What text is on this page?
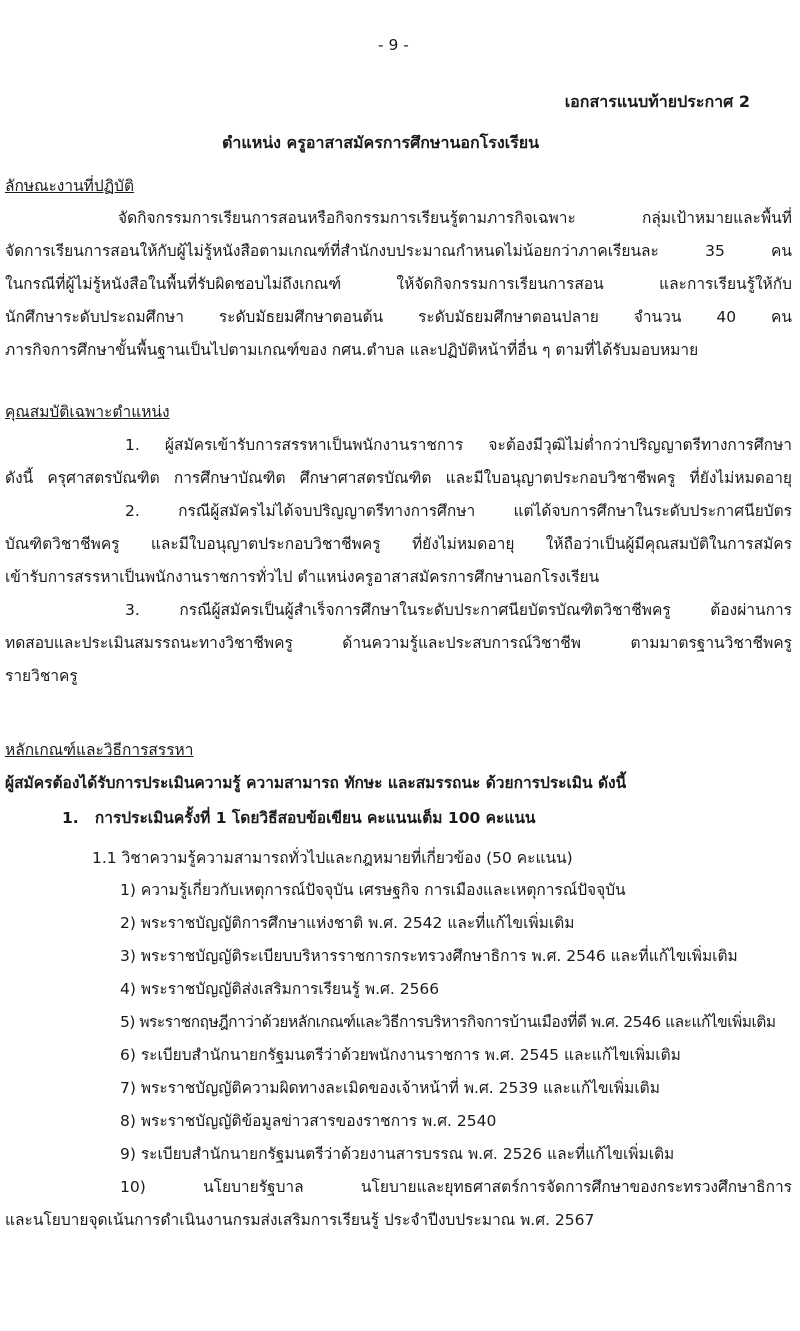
- 9 -
เอกสารแนบท้ายประกาศ 2
ตำแหน่ง ครูอาสาสมัครการศึกษานอกโรงเรียน
ลักษณะงานที่ปฏิบัติ
จัดกิจกรรมการเรียนการสอนหรือกิจกรรมการเรียนรู้ตามภารกิจเฉพาะ กลุ่มเป้าหมายและพื้นที่
จัดการเรียนการสอนให้กับผู้ไม่รู้หนังสือตามเกณฑ์ที่สำนักงบประมาณกำหนดไม่น้อยกว่าภาคเรียนละ 35 คน
ในกรณีที่ผู้ไม่รู้หนังสือในพื้นที่รับผิดชอบไม่ถึงเกณฑ์ ให้จัดกิจกรรมการเรียนการสอน และการเรียนรู้ให้กับ
นักศึกษาระดับประถมศึกษา ระดับมัธยมศึกษาตอนต้น ระดับมัธยมศึกษาตอนปลาย จำนวน 40 คน
ภารกิจการศึกษาขั้นพื้นฐานเป็นไปตามเกณฑ์ของ กศน.ตำบล และปฏิบัติหน้าที่อื่น ๆ ตามที่ได้รับมอบหมาย
คุณสมบัติเฉพาะตำแหน่ง
1. ผู้สมัครเข้ารับการสรรหาเป็นพนักงานราชการ จะต้องมีวุฒิไม่ต่ำกว่าปริญญาตรีทางการศึกษา
ดังนี้ ครุศาสตรบัณฑิต การศึกษาบัณฑิต ศึกษาศาสตรบัณฑิต และมีใบอนุญาตประกอบวิชาชีพครู ที่ยังไม่หมดอายุ
2. กรณีผู้สมัครไม่ได้จบปริญญาตรีทางการศึกษา แต่ได้จบการศึกษาในระดับประกาศนียบัตร
บัณฑิตวิชาชีพครู และมีใบอนุญาตประกอบวิชาชีพครู ที่ยังไม่หมดอายุ ให้ถือว่าเป็นผู้มีคุณสมบัติในการสมัคร
เข้ารับการสรรหาเป็นพนักงานราชการทั่วไป ตำแหน่งครูอาสาสมัครการศึกษานอกโรงเรียน
3. กรณีผู้สมัครเป็นผู้สำเร็จการศึกษาในระดับประกาศนียบัตรบัณฑิตวิชาชีพครู ต้องผ่านการ
ทดสอบและประเมินสมรรถนะทางวิชาชีพครู ด้านความรู้และประสบการณ์วิชาชีพ ตามมาตรฐานวิชาชีพครู
รายวิชาครู
หลักเกณฑ์และวิธีการสรรหา
ผู้สมัครต้องได้รับการประเมินความรู้ ความสามารถ ทักษะ และสมรรถนะ ด้วยการประเมิน ดังนี้
1.   การประเมินครั้งที่ 1 โดยวิธีสอบข้อเขียน คะแนนเต็ม 100 คะแนน
1.1 วิชาความรู้ความสามารถทั่วไปและกฎหมายที่เกี่ยวข้อง (50 คะแนน)
1) ความรู้เกี่ยวกับเหตุการณ์ปัจจุบัน เศรษฐกิจ การเมืองและเหตุการณ์ปัจจุบัน
2) พระราชบัญญัติการศึกษาแห่งชาติ พ.ศ. 2542 และที่แก้ไขเพิ่มเติม
3) พระราชบัญญัติระเบียบบริหารราชการกระทรวงศึกษาธิการ พ.ศ. 2546 และที่แก้ไขเพิ่มเติม
4) พระราชบัญญัติส่งเสริมการเรียนรู้ พ.ศ. 2566
5) พระราชกฤษฎีกาว่าด้วยหลักเกณฑ์และวิธีการบริหารกิจการบ้านเมืองที่ดี พ.ศ. 2546 และแก้ไขเพิ่มเติม
6) ระเบียบสำนักนายกรัฐมนตรีว่าด้วยพนักงานราชการ พ.ศ. 2545 และแก้ไขเพิ่มเติม
7) พระราชบัญญัติความผิดทางละเมิดของเจ้าหน้าที่ พ.ศ. 2539 และแก้ไขเพิ่มเติม
8) พระราชบัญญัติข้อมูลข่าวสารของราชการ พ.ศ. 2540
9) ระเบียบสำนักนายกรัฐมนตรีว่าด้วยงานสารบรรณ พ.ศ. 2526 และที่แก้ไขเพิ่มเติม
10) นโยบายรัฐบาล นโยบายและยุทธศาสตร์การจัดการศึกษาของกระทรวงศึกษาธิการ
และนโยบายจุดเน้นการดำเนินงานกรมส่งเสริมการเรียนรู้ ประจำปีงบประมาณ พ.ศ. 2567
